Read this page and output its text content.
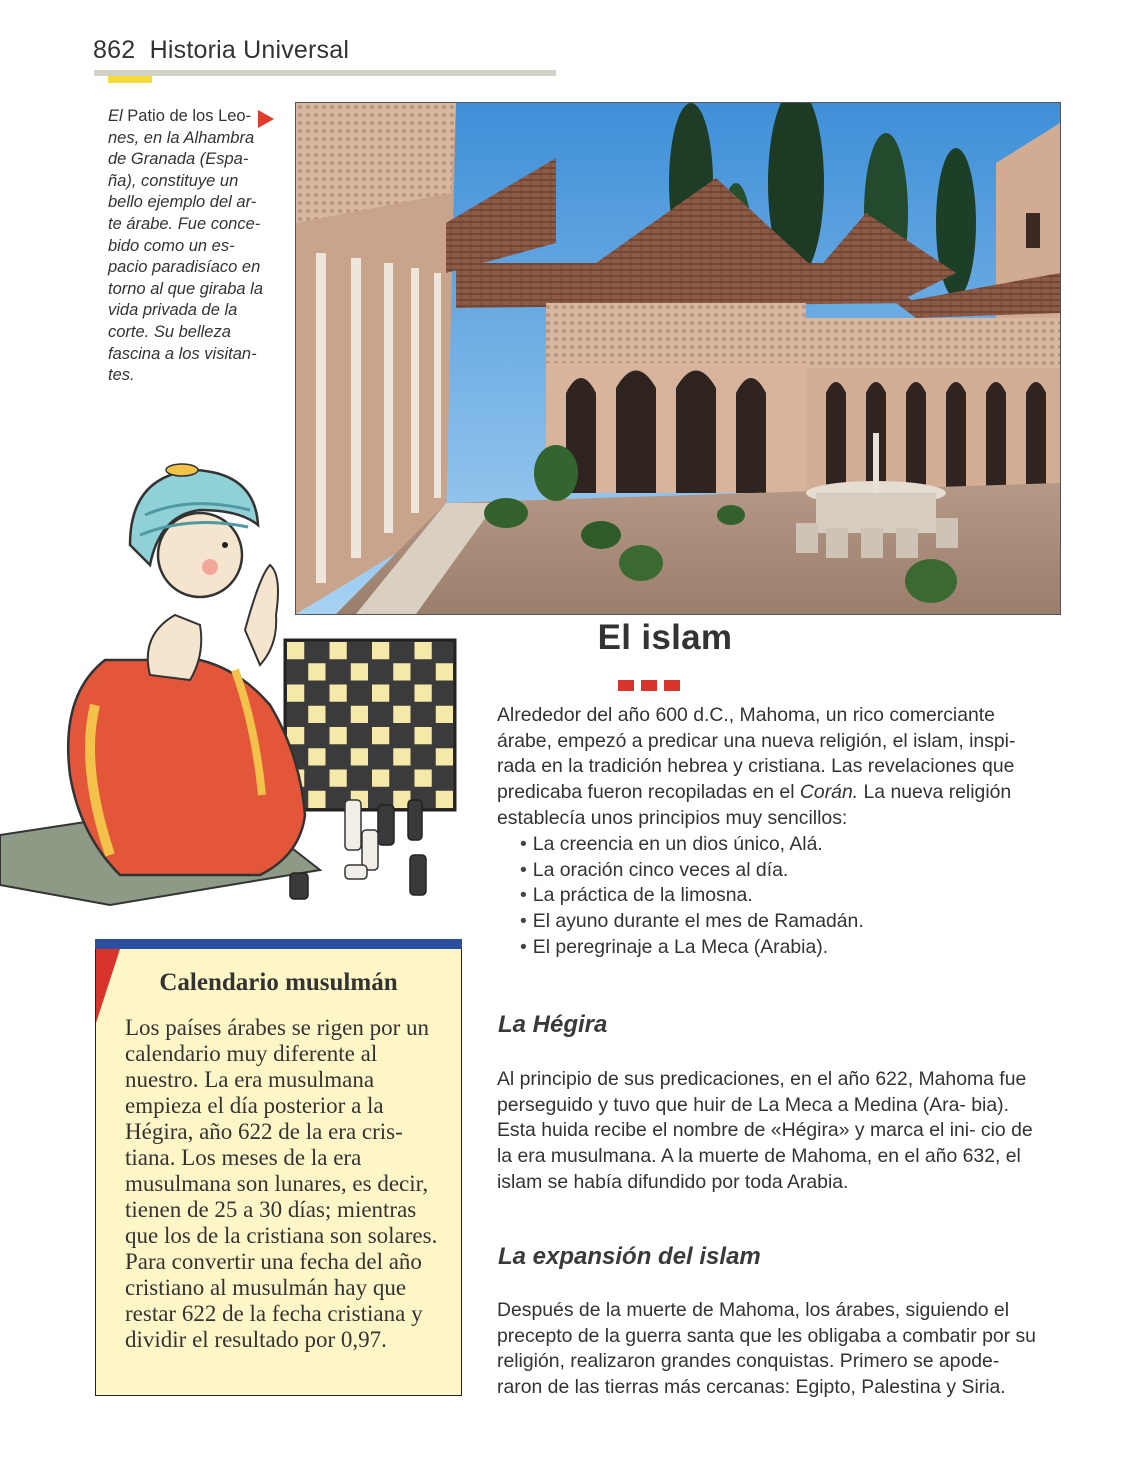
862 Historia Universal
El Patio de los Leo- nes, en la Alhambra de Granada (Espa- ña), constituye un bello ejemplo del ar- te árabe. Fue conce- bido como un es- pacio paradisíaco en torno al que giraba la vida privada de la corte. Su belleza fascina a los visitan- tes.
El islam
Alrededor del año 600 d.C., Mahoma, un rico comerciante árabe, empezó a predicar una nueva religión, el islam, inspi- rada en la tradición hebrea y cristiana. Las revelaciones que predicaba fueron recopiladas en el Corán. La nueva religión establecía unos principios muy sencillos:
• La creencia en un dios único, Alá.
• La oración cinco veces al día.
• La práctica de la limosna.
• El ayuno durante el mes de Ramadán.
• El peregrinaje a La Meca (Arabia).
La Hégira
Al principio de sus predicaciones, en el año 622, Mahoma fue perseguido y tuvo que huir de La Meca a Medina (Ara- bia). Esta huida recibe el nombre de «Hégira» y marca el ini- cio de la era musulmana. A la muerte de Mahoma, en el año 632, el islam se había difundido por toda Arabia.
La expansión del islam
Después de la muerte de Mahoma, los árabes, siguiendo el precepto de la guerra santa que les obligaba a combatir por su religión, realizaron grandes conquistas. Primero se apode- raron de las tierras más cercanas: Egipto, Palestina y Siria.
Calendario musulmán
Los países árabes se rigen por un calendario muy diferente al nuestro. La era musulmana empieza el día posterior a la Hégira, año 622 de la era cris- tiana. Los meses de la era musulmana son lunares, es decir, tienen de 25 a 30 días; mientras que los de la cristiana son solares. Para convertir una fecha del año cristiano al musulmán hay que restar 622 de la fecha cristiana y dividir el resultado por 0,97.
